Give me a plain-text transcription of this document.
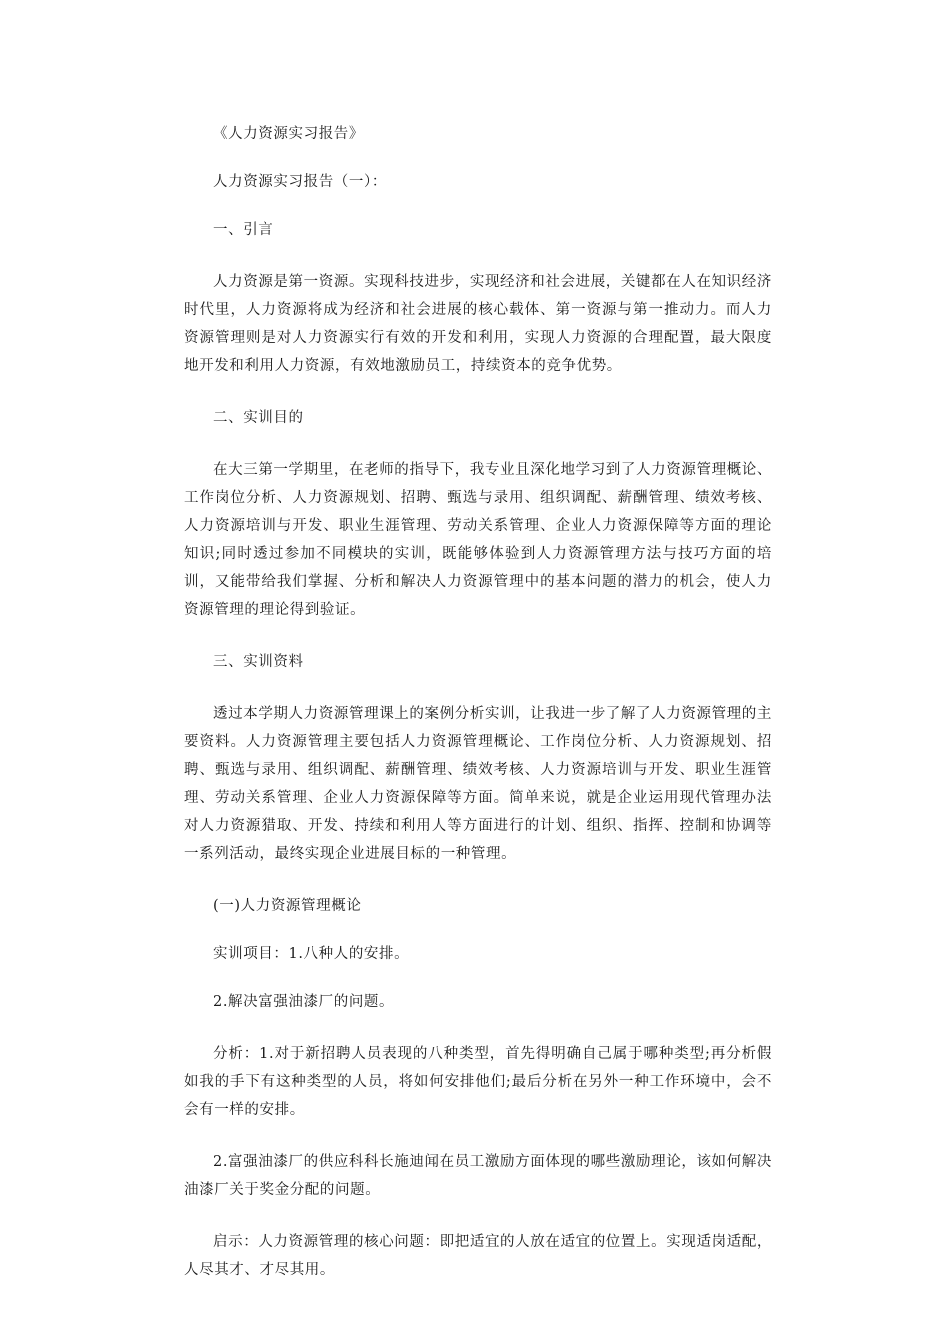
《人力资源实习报告》

人力资源实习报告（一）：

一、引言

人力资源是第一资源。实现科技进步，实现经济和社会进展，关键都在人在知识经济时代里，人力资源将成为经济和社会进展的核心载体、第一资源与第一推动力。而人力资源管理则是对人力资源实行有效的开发和利用，实现人力资源的合理配置，最大限度地开发和利用人力资源，有效地激励员工，持续资本的竞争优势。

二、实训目的

在大三第一学期里，在老师的指导下，我专业且深化地学习到了人力资源管理概论、工作岗位分析、人力资源规划、招聘、甄选与录用、组织调配、薪酬管理、绩效考核、人力资源培训与开发、职业生涯管理、劳动关系管理、企业人力资源保障等方面的理论知识;同时透过参加不同模块的实训，既能够体验到人力资源管理方法与技巧方面的培训，又能带给我们掌握、分析和解决人力资源管理中的基本问题的潜力的机会，使人力资源管理的理论得到验证。

三、实训资料

透过本学期人力资源管理课上的案例分析实训，让我进一步了解了人力资源管理的主要资料。人力资源管理主要包括人力资源管理概论、工作岗位分析、人力资源规划、招聘、甄选与录用、组织调配、薪酬管理、绩效考核、人力资源培训与开发、职业生涯管理、劳动关系管理、企业人力资源保障等方面。简单来说，就是企业运用现代管理办法对人力资源猎取、开发、持续和利用人等方面进行的计划、组织、指挥、控制和协调等一系列活动，最终实现企业进展目标的一种管理。

(一)人力资源管理概论

实训项目：1.八种人的安排。

2.解决富强油漆厂的问题。

分析：1.对于新招聘人员表现的八种类型，首先得明确自己属于哪种类型;再分析假如我的手下有这种类型的人员，将如何安排他们;最后分析在另外一种工作环境中，会不会有一样的安排。

2.富强油漆厂的供应科科长施迪闻在员工激励方面体现的哪些激励理论，该如何解决油漆厂关于奖金分配的问题。

启示：人力资源管理的核心问题：即把适宜的人放在适宜的位置上。实现适岗适配，人尽其才、才尽其用。
